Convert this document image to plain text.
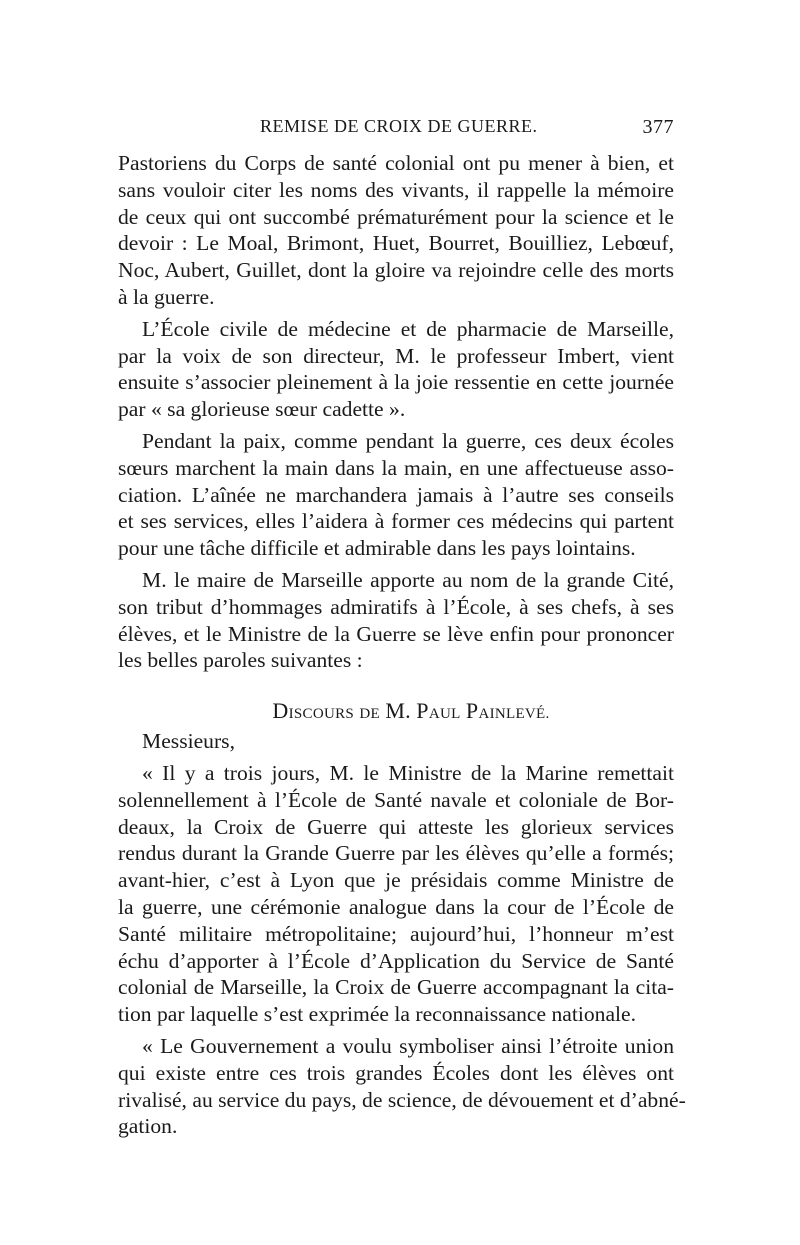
REMISE DE CROIX DE GUERRE.	377
Pastoriens du Corps de santé colonial ont pu mener à bien, et
sans vouloir citer les noms des vivants, il rappelle la mémoire
de ceux qui ont succombé prématurément pour la science et le
devoir : Le Moal, Brimont, Huet, Bourret, Bouilliez, Lebœuf,
Noc, Aubert, Guillet, dont la gloire va rejoindre celle des morts
à la guerre.
L’École civile de médecine et de pharmacie de Marseille,
par la voix de son directeur, M. le professeur Imbert, vient
ensuite s’associer pleinement à la joie ressentie en cette journée
par « sa glorieuse sœur cadette ».
Pendant la paix, comme pendant la guerre, ces deux écoles
sœurs marchent la main dans la main, en une affectueuse asso-
ciation. L’aînée ne marchandera jamais à l’autre ses conseils
et ses services, elles l’aidera à former ces médecins qui partent
pour une tâche difficile et admirable dans les pays lointains.
M. le maire de Marseille apporte au nom de la grande Cité,
son tribut d’hommages admiratifs à l’École, à ses chefs, à ses
élèves, et le Ministre de la Guerre se lève enfin pour prononcer
les belles paroles suivantes :
DISCOURS DE M. PAUL PAINLEVÉ.
Messieurs,
« Il y a trois jours, M. le Ministre de la Marine remettait
solennellement à l’École de Santé navale et coloniale de Bor-
deaux, la Croix de Guerre qui atteste les glorieux services
rendus durant la Grande Guerre par les élèves qu’elle a formés;
avant-hier, c’est à Lyon que je présidais comme Ministre de
la guerre, une cérémonie analogue dans la cour de l’École de
Santé militaire métropolitaine; aujourd’hui, l’honneur m’est
échu d’apporter à l’École d’Application du Service de Santé
colonial de Marseille, la Croix de Guerre accompagnant la cita-
tion par laquelle s’est exprimée la reconnaissance nationale.
« Le Gouvernement a voulu symboliser ainsi l’étroite union
qui existe entre ces trois grandes Écoles dont les élèves ont
rivalisé, au service du pays, de science, de dévouement et d’abné-
gation.
